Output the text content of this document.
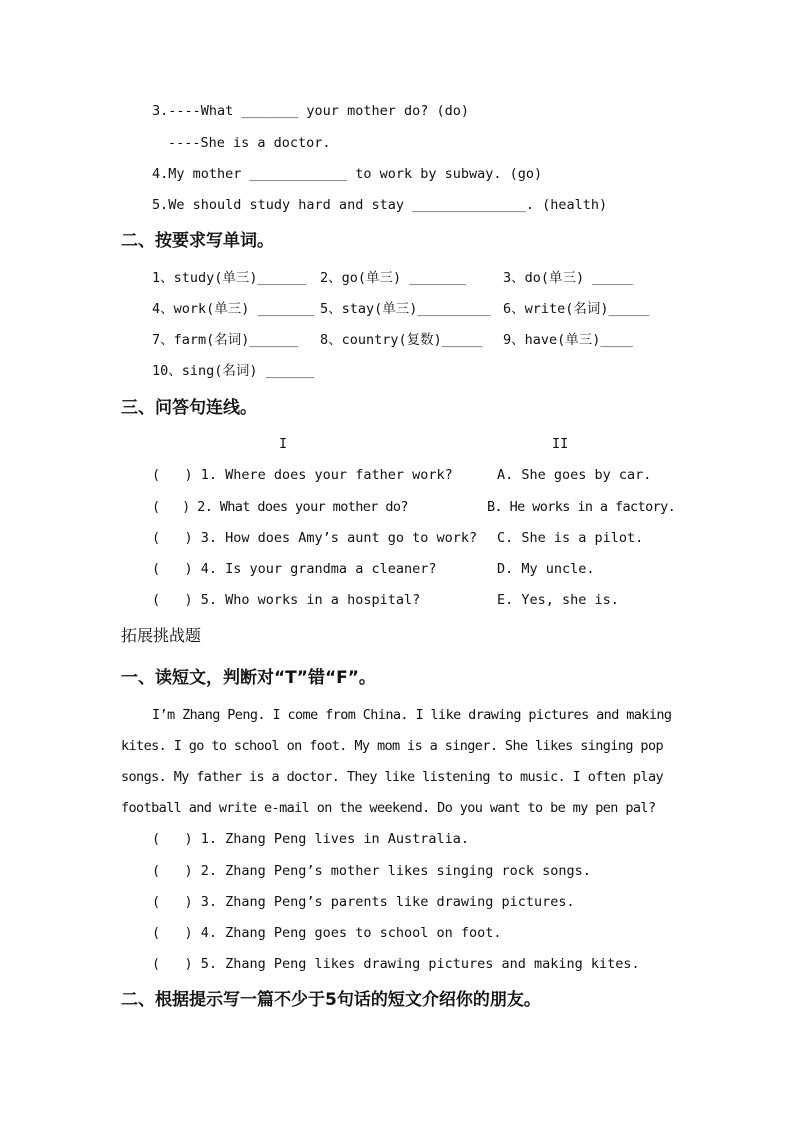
3.----What _______ your mother do? (do)
----She is a doctor.
4.My mother ____________ to work by subway. (go)
5.We should study hard and stay ______________. (health)
二、按要求写单词。
1、study(单三)______ 2、go(单三) _______	3、do(单三) _____
4、work(单三) _______ 5、stay(单三)_________ 6、write(名词)_____
7、farm(名词)______ 8、country(复数)_____ 9、have(单三)____
10、sing(名词) ______
三、问答句连线。
I	II
(   ) 1. Where does your father work?	A. She goes by car.
(   ) 2. What does your mother do?	B. He works in a factory.
(   ) 3. How does Amy’s aunt go to work? C. She is a pilot.
(   ) 4. Is your grandma a cleaner?	D. My uncle.
(   ) 5. Who works in a hospital?	E. Yes, she is.
拓展挑战题
一、读短文，判断对“T”错“F”。
I’m Zhang Peng. I come from China. I like drawing pictures and making
kites. I go to school on foot. My mom is a singer. She likes singing pop
songs. My father is a doctor. They like listening to music. I often play
football and write e-mail on the weekend. Do you want to be my pen pal?
(   ) 1. Zhang Peng lives in Australia.
(   ) 2. Zhang Peng’s mother likes singing rock songs.
(   ) 3. Zhang Peng’s parents like drawing pictures.
(   ) 4. Zhang Peng goes to school on foot.
(   ) 5. Zhang Peng likes drawing pictures and making kites.
二、根据提示写一篇不少于5句话的短文介绍你的朋友。
